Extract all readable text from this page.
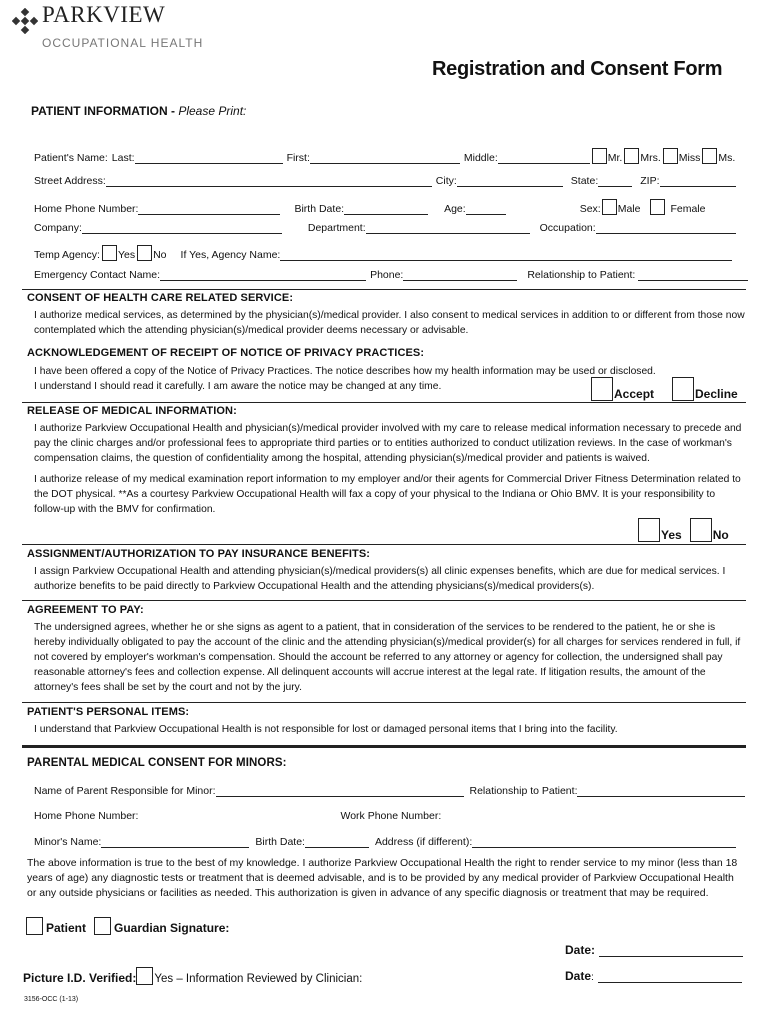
PARKVIEW
OCCUPATIONAL HEALTH
Registration and Consent Form
PATIENT INFORMATION - Please Print:
Patient's Name: Last:	First:	Middle:	Mr. Mrs. Miss Ms.
Street Address:	City:	State:	ZIP:
Home Phone Number:	Birth Date:	Age:	Sex: Male	Female
Company:	Department:	Occupation:
Temp Agency: Yes No If Yes, Agency Name:
Emergency Contact Name:	Phone:	Relationship to Patient:
CONSENT OF HEALTH CARE RELATED SERVICE:
I authorize medical services, as determined by the physician(s)/medical provider. I also consent to medical services in addition to or different from those now contemplated which the attending physician(s)/medical provider deems necessary or advisable.
ACKNOWLEDGEMENT OF RECEIPT OF NOTICE OF PRIVACY PRACTICES:
I have been offered a copy of the Notice of Privacy Practices. The notice describes how my health information may be used or disclosed.
I understand I should read it carefully. I am aware the notice may be changed at any time.
Accept	Decline
RELEASE OF MEDICAL INFORMATION:
I authorize Parkview Occupational Health and physician(s)/medical provider involved with my care to release medical information necessary to precede and pay the clinic charges and/or professional fees to appropriate third parties or to entities authorized to conduct utilization reviews. In the case of workman's compensation claims, the question of confidentiality among the hospital, attending physician(s)/medical provider and patients is waived.
I authorize release of my medical examination report information to my employer and/or their agents for Commercial Driver Fitness Determination related to the DOT physical. **As a courtesy Parkview Occupational Health will fax a copy of your physical to the Indiana or Ohio BMV. It is your responsibility to follow-up with the BMV for confirmation.
Yes	No
ASSIGNMENT/AUTHORIZATION TO PAY INSURANCE BENEFITS:
I assign Parkview Occupational Health and attending physician(s)/medical providers(s) all clinic expenses benefits, which are due for medical services. I authorize benefits to be paid directly to Parkview Occupational Health and the attending physicians(s)/medical providers(s).
AGREEMENT TO PAY:
The undersigned agrees, whether he or she signs as agent to a patient, that in consideration of the services to be rendered to the patient, he or she is hereby individually obligated to pay the account of the clinic and the attending physician(s)/medical provider(s) for all charges for services rendered in full, if not covered by employer's workman's compensation. Should the account be referred to any attorney or agency for collection, the undersigned shall pay reasonable attorney's fees and collection expense. All delinquent accounts will accrue interest at the legal rate. If litigation results, the amount of the attorney's fees shall be set by the court and not by the jury.
PATIENT'S PERSONAL ITEMS:
I understand that Parkview Occupational Health is not responsible for lost or damaged personal items that I bring into the facility.
PARENTAL MEDICAL CONSENT FOR MINORS:
Name of Parent Responsible for Minor:	Relationship to Patient:
Home Phone Number:	Work Phone Number:
Minor's Name:	Birth Date:	Address (if different):
The above information is true to the best of my knowledge. I authorize Parkview Occupational Health the right to render service to my minor (less than 18 years of age) any diagnostic tests or treatment that is deemed advisable, and is to be provided by any medical provider of Parkview Occupational Health or any outside physicians or facilities as needed. This authorization is given in advance of any specific diagnosis or treatment that may be required.
Patient Guardian Signature:
Date:
Picture I.D. Verified: Yes – Information Reviewed by Clinician:	Date :
3156-OCC (1-13)
